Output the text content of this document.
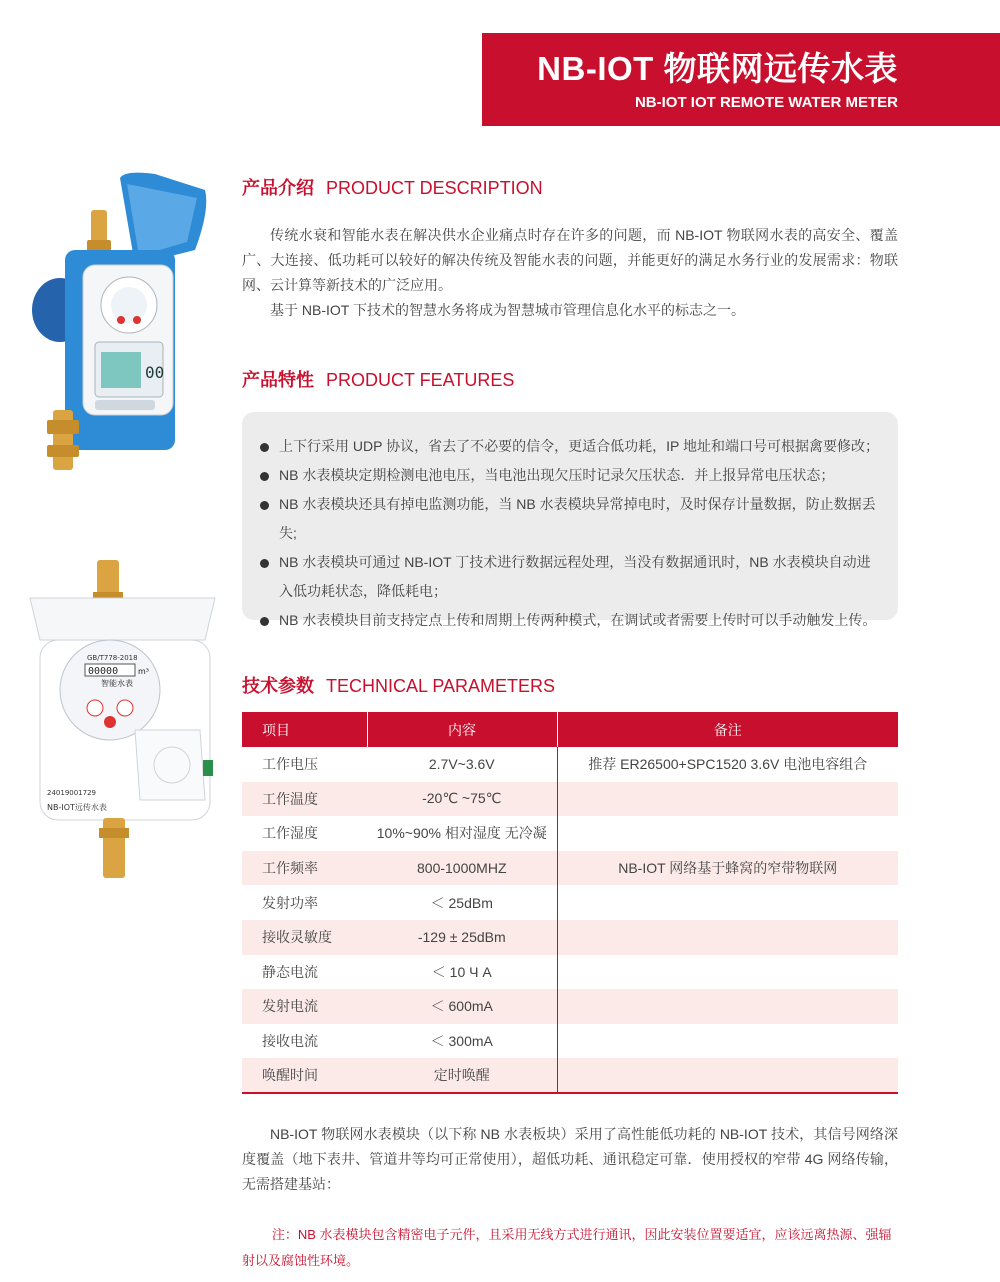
NB-IOT 物联网远传水表
NB-IOT IOT REMOTE WATER METER
00
GB/T778-2018
00000 m³
智能水表
24019001729
NB-IOT远传水表
产品介绍 PRODUCT DESCRIPTION

传统水衰和智能水表在解决供水企业痛点时存在许多的问题，而 NB-IOT 物联网水表的高安全、覆盖广、大连接、低功耗可以较好的解决传统及智能水表的问题，并能更好的满足水务行业的发展需求：物联网、云计算等新技术的广泛应用。

基于 NB-IOT 下技术的智慧水务将成为智慧城市管理信息化水平的标志之一。

产品特性 PRODUCT FEATURES
上下行采用 UDP 协议，省去了不必要的信令，更适合低功耗，IP 地址和端口号可根据禽要修改；
NB 水表模块定期检测电池电压，当电池出现欠压时记录欠压状态．并上报异常电压状态；
NB 水表模块还具有掉电监测功能，当 NB 水表模块异常掉电时，及时保存计量数据，防止数据丢失;
NB 水表模块可通过 NB-IOT 丁技术进行数据远程处理，当没有数据通讯时，NB 水表模块自动进入低功耗状态，降低耗电；
NB 水表模块目前支持定点上传和周期上传两种模式，在调试或者需要上传时可以手动触发上传。
技术参数 TECHNICAL PARAMETERS
项目	内容	备注
工作电压	2.7V~3.6V	推荐 ER26500+SPC1520 3.6V 电池电容组合
工作温度	-20℃ ~75℃	
工作湿度	10%~90% 相对湿度 无冷凝	
工作频率	800-1000MHZ	NB-IOT 网络基于蜂窝的窄带物联网
发射功率	＜ 25dBm	
接收灵敏度	-129 ± 25dBm	
静态电流	＜ 10 Ч A	
发射电流	＜ 600mA	
接收电流	＜ 300mA	
唤醒时间	定时唤醒	

NB-IOT 物联网水表模块（以下称 NB 水表板块）采用了高性能低功耗的 NB-IOT 技术，其信号网络深度覆盖（地下表井、管道井等均可正常使用），超低功耗、通讯稳定可靠．使用授权的窄带 4G 网络传输，无需搭建基站：

注：NB 水表模块包含精密电子元件，且采用无线方式进行通讯，因此安装位置要适宜，应该远离热源、强辐射以及腐蚀性环境。
